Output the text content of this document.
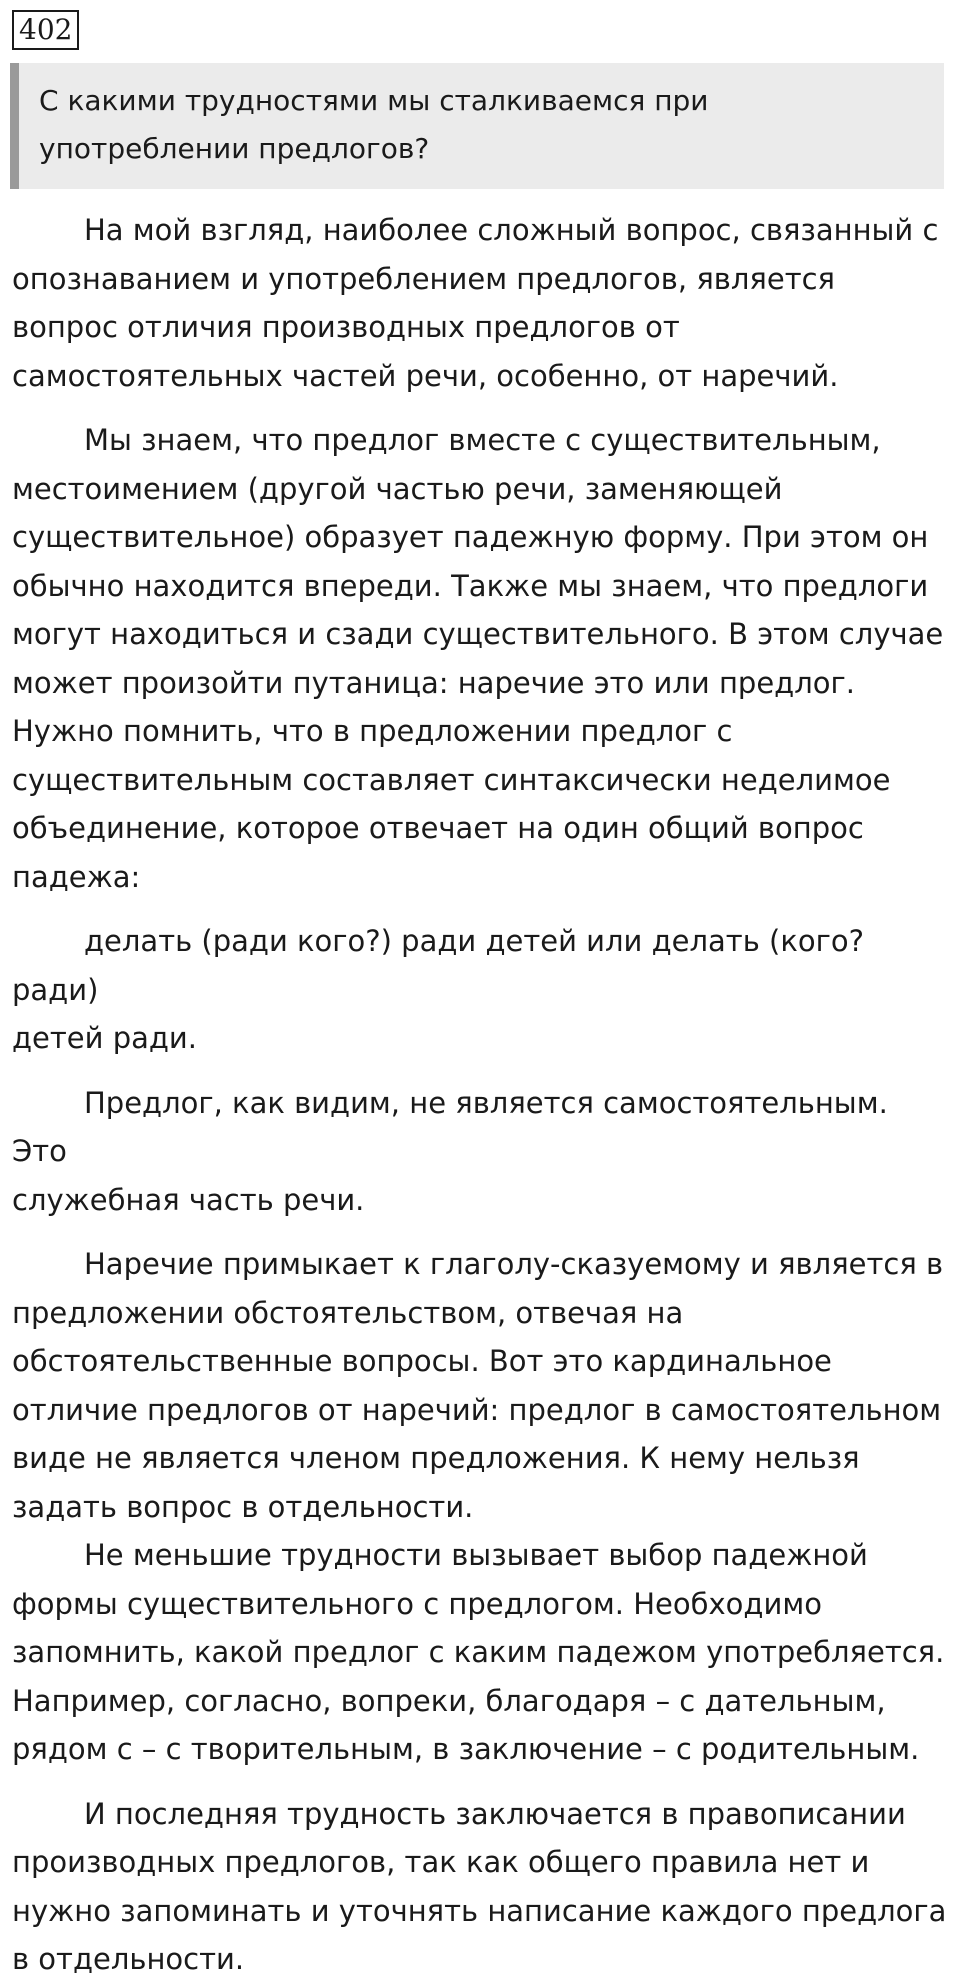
402

С какими трудностями мы сталкиваемся при
употреблении предлогов?

На мой взгляд, наиболее сложный вопрос, связанный с
опознаванием и употреблением предлогов, является
вопрос отличия производных предлогов от
самостоятельных частей речи, особенно, от наречий.

Мы знаем, что предлог вместе с существительным,
местоимением (другой частью речи, заменяющей
существительное) образует падежную форму. При этом он
обычно находится впереди. Также мы знаем, что предлоги
могут находиться и сзади существительного. В этом случае
может произойти путаница: наречие это или предлог.
Нужно помнить, что в предложении предлог с
существительным составляет синтаксически неделимое
объединение, которое отвечает на один общий вопрос
падежа:

делать (ради кого?) ради детей или делать (кого? ради)
детей ради.

Предлог, как видим, не является самостоятельным. Это
служебная часть речи.

Наречие примыкает к глаголу-сказуемому и является в
предложении обстоятельством, отвечая на
обстоятельственные вопросы. Вот это кардинальное
отличие предлогов от наречий: предлог в самостоятельном
виде не является членом предложения. К нему нельзя
задать вопрос в отдельности.

Не меньшие трудности вызывает выбор падежной
формы существительного с предлогом. Необходимо
запомнить, какой предлог с каким падежом употребляется.
Например, согласно, вопреки, благодаря – с дательным,
рядом с – с творительным, в заключение – с родительным.

И последняя трудность заключается в правописании
производных предлогов, так как общего правила нет и
нужно запоминать и уточнять написание каждого предлога
в отдельности.
